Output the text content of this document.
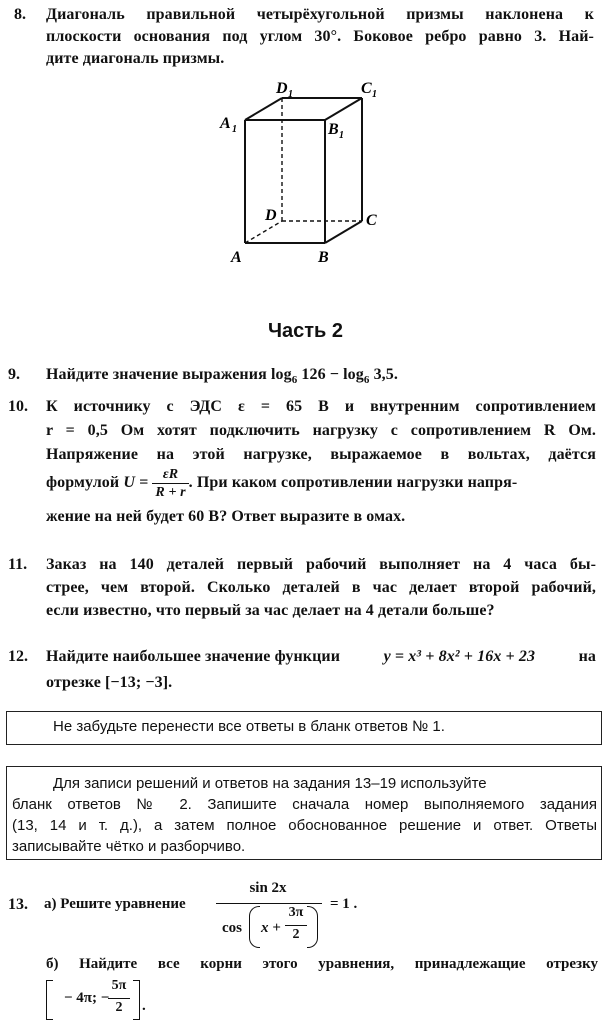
8. Диагональ правильной четырёхугольной призмы наклонена к
плоскости основания под углом 30°. Боковое ребро равно 3. Най-
дите диагональ призмы.
A	B
C
D
A 1	B 1
D 1	C 1
Часть 2
9. Найдите значение выражения $\log_6 126 - \log_6 3,5$.
10. К источнику с ЭДС ε = 65 В и внутренним сопротивлением
r = 0,5 Ом хотят подключить нагрузку с сопротивлением R Ом.
Напряжение на этой нагрузке, выражаемое в вольтах, даётся
формулой $U = \frac{\varepsilon R}{R + r}$ . При каком сопротивлении нагрузки напря-
жение на ней будет 60 В? Ответ выразите в омах.
11. Заказ на 140 деталей первый рабочий выполняет на 4 часа бы-
стрее, чем второй. Сколько деталей в час делает второй рабочий,
если известно, что первый за час делает на 4 детали больше?
12. Найдите наибольшее значение функции	y = x³ + 8x² + 16x + 23	на
отрезке [−13; −3].
Не забудьте перенести все ответы в бланк ответов № 1.
Для записи решений и ответов на задания 13–19 используйте
бланк ответов № 2. Запишите сначала номер выполняемого задания
(13, 14 и т. д.), а затем полное обоснованное решение и ответ. Ответы
записывайте чётко и разборчиво.
13. а) Решите уравнение
sin 2x
cos x +
3π
2
= 1 .
б) Найдите все корни этого уравнения, принадлежащие отрезку
− 4π; −
5π
2	.
